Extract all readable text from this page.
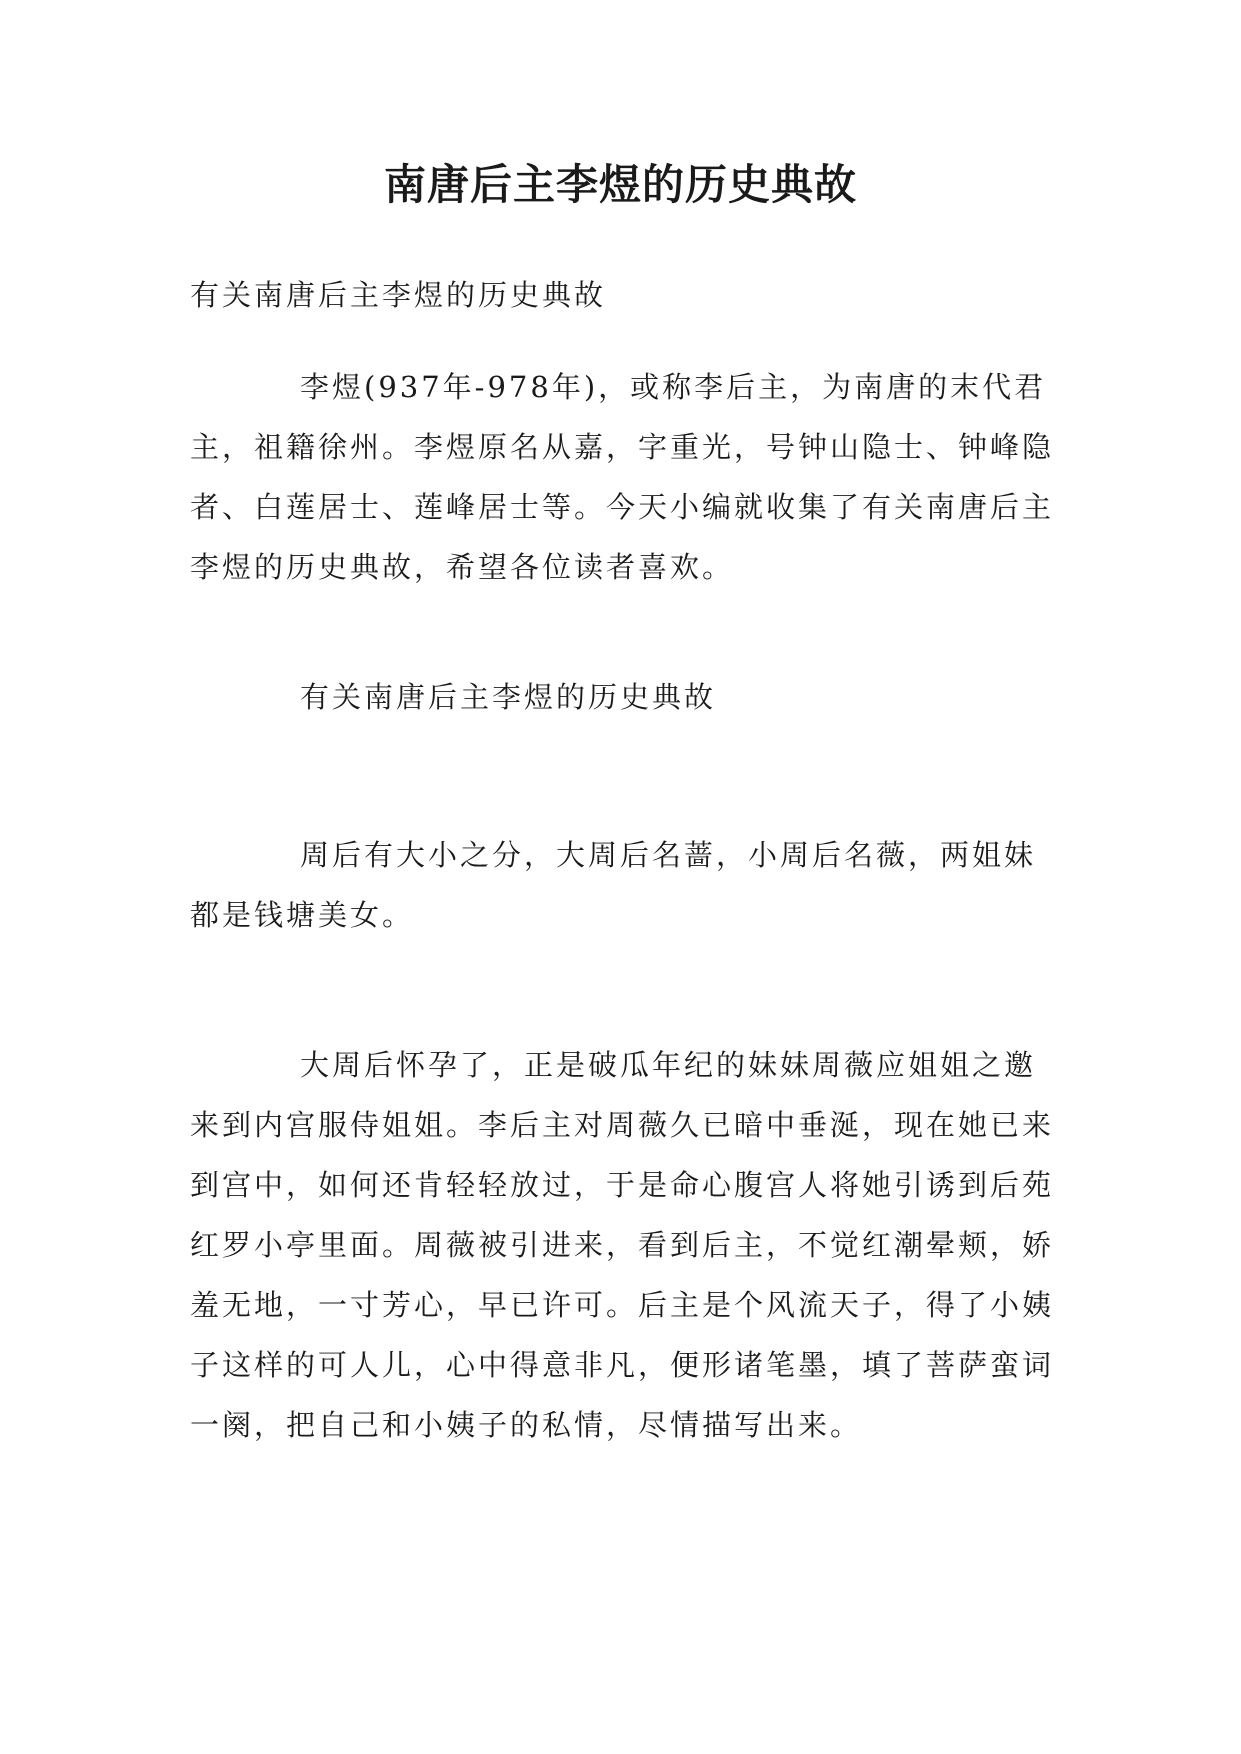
南唐后主李煜的历史典故

有关南唐后主李煜的历史典故

李煜(937年-978年)，或称李后主，为南唐的末代君主，祖籍徐州。李煜原名从嘉，字重光，号钟山隐士、钟峰隐者、白莲居士、莲峰居士等。今天小编就收集了有关南唐后主李煜的历史典故，希望各位读者喜欢。

有关南唐后主李煜的历史典故

周后有大小之分，大周后名蔷，小周后名薇，两姐妹都是钱塘美女。

大周后怀孕了，正是破瓜年纪的妹妹周薇应姐姐之邀来到内宫服侍姐姐。李后主对周薇久已暗中垂涎，现在她已来到宫中，如何还肯轻轻放过，于是命心腹宫人将她引诱到后苑红罗小亭里面。周薇被引进来，看到后主，不觉红潮晕颊，娇羞无地，一寸芳心，早已许可。后主是个风流天子，得了小姨子这样的可人儿，心中得意非凡，便形诸笔墨，填了菩萨蛮词一阕，把自己和小姨子的私情，尽情描写出来。
